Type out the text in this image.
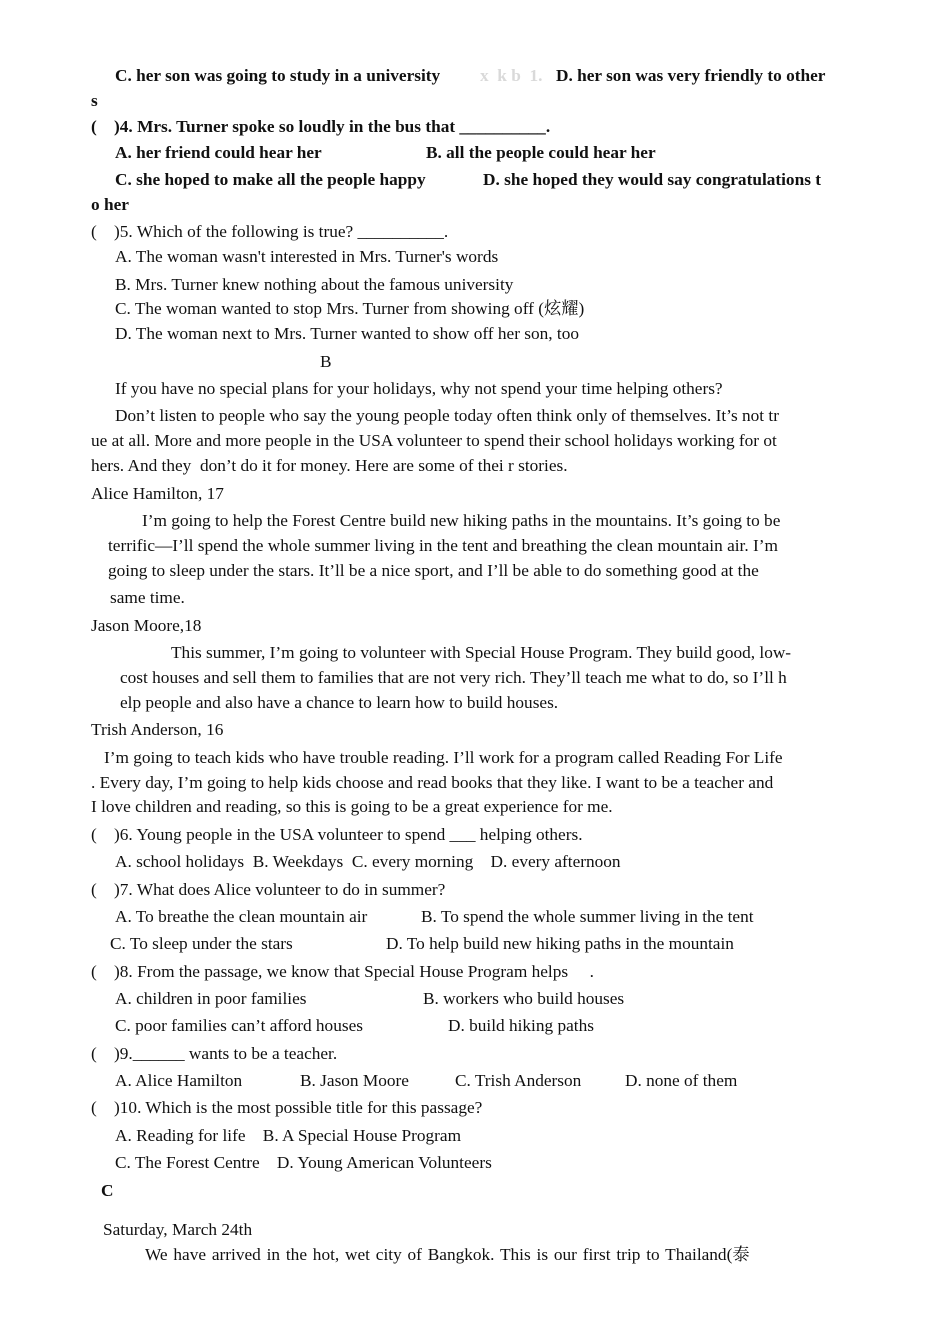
C. her son was going to study in a university x  k b  1. D. her son was very friendly to other
s
(    )4. Mrs. Turner spoke so loudly in the bus that __________.
A. her friend could hear her	B. all the people could hear her
C. she hoped to make all the people happy	D. she hoped they would say congratulations t
o her
(    )5. Which of the following is true? __________.
A. The woman wasn't interested in Mrs. Turner's words
B. Mrs. Turner knew nothing about the famous university
C. The woman wanted to stop Mrs. Turner from showing off (炫耀)
D. The woman next to Mrs. Turner wanted to show off her son, too
B
If you have no special plans for your holidays, why not spend your time helping others?
Don’t listen to people who say the young people today often think only of themselves. It’s not tr
ue at all. More and more people in the USA volunteer to spend their school holidays working for ot
hers. And they  don’t do it for money. Here are some of thei r stories.
Alice Hamilton, 17
I’m going to help the Forest Centre build new hiking paths in the mountains. It’s going to be
terrific—I’ll spend the whole summer living in the tent and breathing the clean mountain air. I’m
going to sleep under the stars. It’ll be a nice sport, and I’ll be able to do something good at the
same time.
Jason Moore,18
This summer, I’m going to volunteer with Special House Program. They build good, low-
cost houses and sell them to families that are not very rich. They’ll teach me what to do, so I’ll h
elp people and also have a chance to learn how to build houses.
Trish Anderson, 16
I’m going to teach kids who have trouble reading. I’ll work for a program called Reading For Life
. Every day, I’m going to help kids choose and read books that they like. I want to be a teacher and
I love children and reading, so this is going to be a great experience for me.
(    )6. Young people in the USA volunteer to spend ___ helping others.
A. school holidays  B. Weekdays  C. every morning    D. every afternoon
(    )7. What does Alice volunteer to do in summer?
A. To breathe the clean mountain air	B. To spend the whole summer living in the tent
C. To sleep under the stars	D. To help build new hiking paths in the mountain
(    )8. From the passage, we know that Special House Program helps     .
A. children in poor families	B. workers who build houses
C. poor families can’t afford houses	D. build hiking paths
(    )9.______ wants to be a teacher.
A. Alice Hamilton	B. Jason Moore	C. Trish Anderson	D. none of them
(    )10. Which is the most possible title for this passage?
A. Reading for life    B. A Special House Program
C. The Forest Centre    D. Young American Volunteers
C
Saturday, March 24th
We have arrived in the hot, wet city of Bangkok. This is our first trip to Thailand(泰
